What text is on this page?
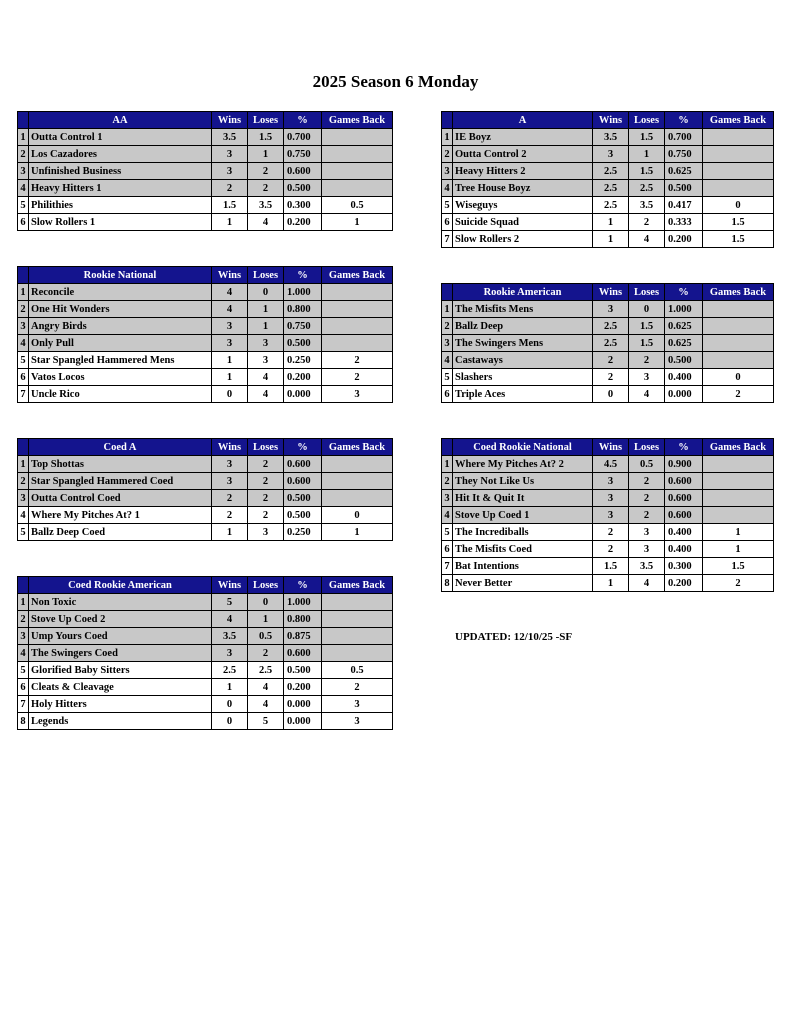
2025 Season 6 Monday
	AA	Wins	Loses	%	Games Back
1	Outta Control 1	3.5	1.5	0.700	
2	Los Cazadores	3	1	0.750	
3	Unfinished Business	3	2	0.600	
4	Heavy Hitters 1	2	2	0.500	
5	Philithies	1.5	3.5	0.300	0.5
6	Slow Rollers 1	1	4	0.200	1
	A	Wins	Loses	%	Games Back
1	IE Boyz	3.5	1.5	0.700	
2	Outta Control 2	3	1	0.750	
3	Heavy Hitters 2	2.5	1.5	0.625	
4	Tree House Boyz	2.5	2.5	0.500	
5	Wiseguys	2.5	3.5	0.417	0
6	Suicide Squad	1	2	0.333	1.5
7	Slow Rollers 2	1	4	0.200	1.5
	Rookie National	Wins	Loses	%	Games Back
1	Reconcile	4	0	1.000	
2	One Hit Wonders	4	1	0.800	
3	Angry Birds	3	1	0.750	
4	Only Pull	3	3	0.500	
5	Star Spangled Hammered Mens	1	3	0.250	2
6	Vatos Locos	1	4	0.200	2
7	Uncle Rico	0	4	0.000	3
	Rookie American	Wins	Loses	%	Games Back
1	The Misfits Mens	3	0	1.000	
2	Ballz Deep	2.5	1.5	0.625	
3	The Swingers Mens	2.5	1.5	0.625	
4	Castaways	2	2	0.500	
5	Slashers	2	3	0.400	0
6	Triple Aces	0	4	0.000	2
	Coed A	Wins	Loses	%	Games Back
1	Top Shottas	3	2	0.600	
2	Star Spangled Hammered Coed	3	2	0.600	
3	Outta Control Coed	2	2	0.500	
4	Where My Pitches At? 1	2	2	0.500	0
5	Ballz Deep Coed	1	3	0.250	1
	Coed Rookie National	Wins	Loses	%	Games Back
1	Where My Pitches At? 2	4.5	0.5	0.900	
2	They Not Like Us	3	2	0.600	
3	Hit It & Quit It	3	2	0.600	
4	Stove Up Coed 1	3	2	0.600	
5	The Incrediballs	2	3	0.400	1
6	The Misfits Coed	2	3	0.400	1
7	Bat Intentions	1.5	3.5	0.300	1.5
8	Never Better	1	4	0.200	2
	Coed Rookie American	Wins	Loses	%	Games Back
1	Non Toxic	5	0	1.000	
2	Stove Up Coed 2	4	1	0.800	
3	Ump Yours Coed	3.5	0.5	0.875	
4	The Swingers Coed	3	2	0.600	
5	Glorified Baby Sitters	2.5	2.5	0.500	0.5
6	Cleats & Cleavage	1	4	0.200	2
7	Holy Hitters	0	4	0.000	3
8	Legends	0	5	0.000	3
UPDATED: 12/10/25 -SF
